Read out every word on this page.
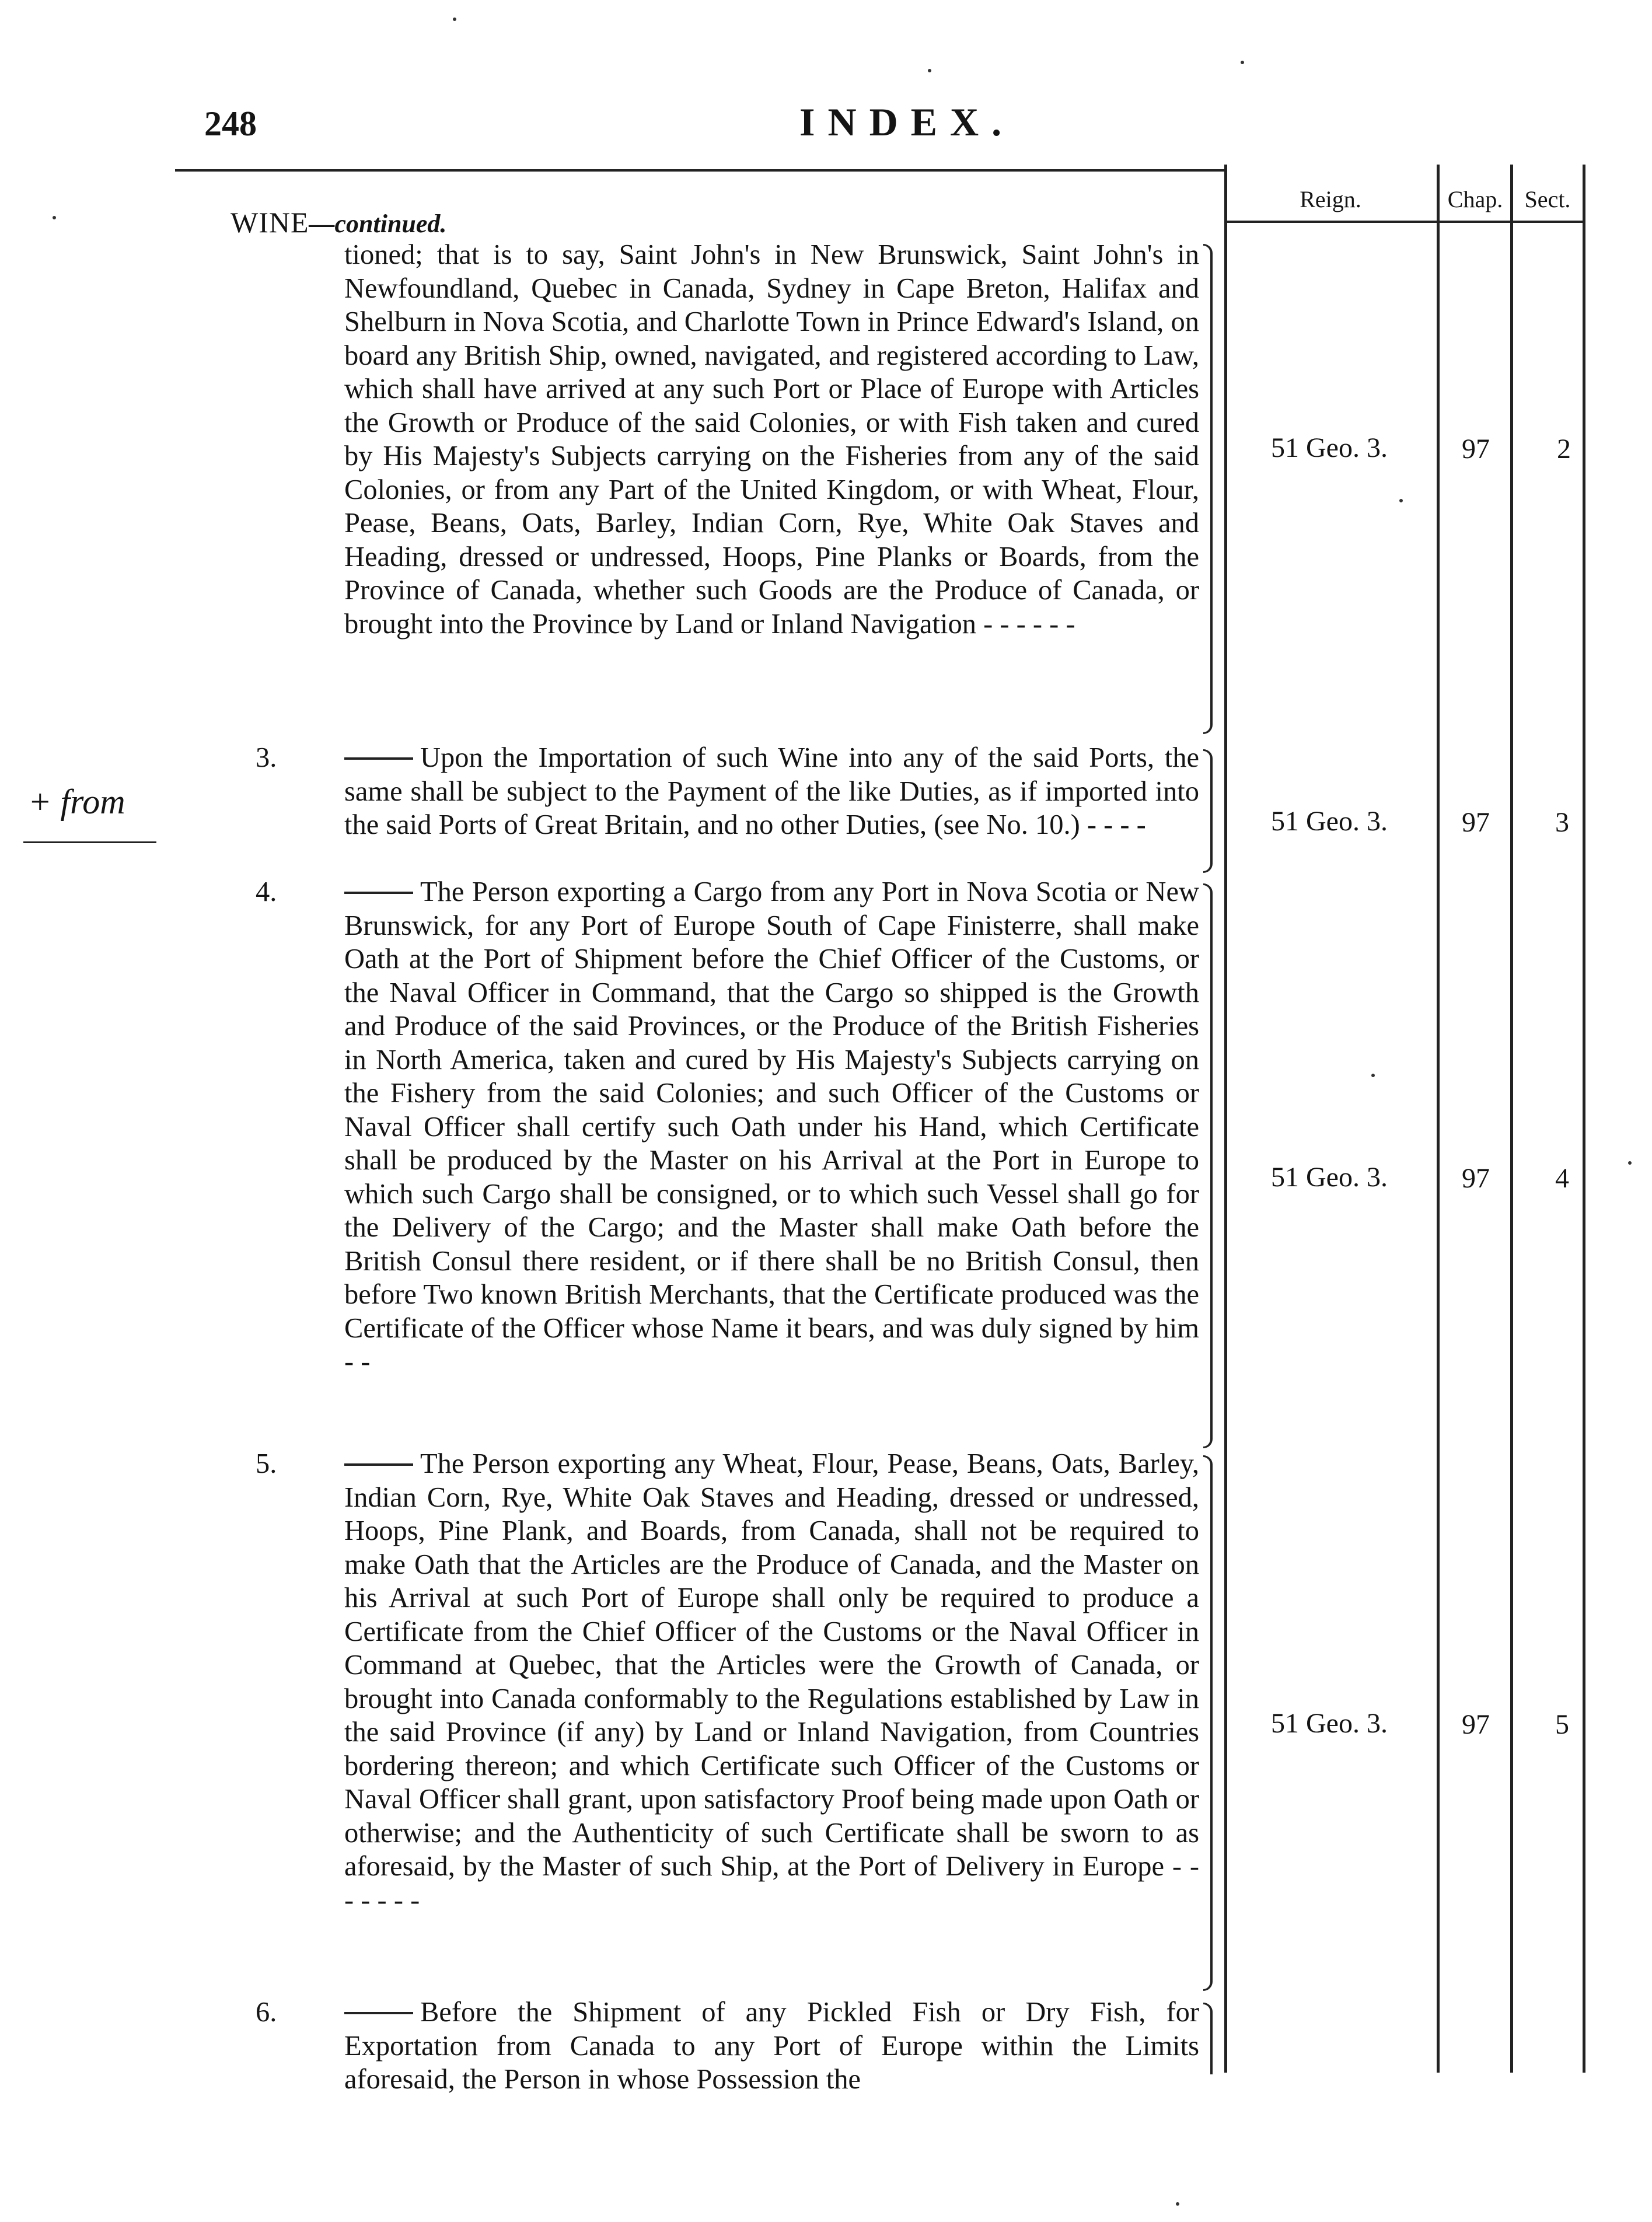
248	INDEX.
Reign.	Chap. Sect.
WINE—continued.
+ from
tioned; that is to say, Saint John's in New Brunswick, Saint John's in Newfoundland, Quebec in Canada, Sydney in Cape Breton, Halifax and Shelburn in Nova Scotia, and Charlotte Town in Prince Edward's Island, on board any British Ship, owned, navigated, and registered according to Law, which shall have arrived at any such Port or Place of Europe with Articles the Growth or Produce of the said Colonies, or with Fish taken and cured by His Majesty's Subjects carrying on the Fisheries from any of the said Colonies, or from any Part of the United Kingdom, or with Wheat, Flour, Pease, Beans, Oats, Barley, Indian Corn, Rye, White Oak Staves and Heading, dressed or undressed, Hoops, Pine Planks or Boards, from the Province of Canada, whether such Goods are the Produce of Canada, or brought into the Province by Land or Inland Navigation - - - - - -
51 Geo. 3.	97 2
3.	Upon the Importation of such Wine into any of the said Ports, the same shall be subject to the Payment of the like Duties, as if imported into the said Ports of Great Britain, and no other Duties, (see No. 10.) - - - -	51 Geo. 3.	97 3
4.	The Person exporting a Cargo from any Port in Nova Scotia or New Brunswick, for any Port of Europe South of Cape Finisterre, shall make Oath at the Port of Shipment before the Chief Officer of the Customs, or the Naval Officer in Command, that the Cargo so shipped is the Growth and Produce of the said Provinces, or the Produce of the British Fisheries in North America, taken and cured by His Majesty's Subjects carrying on the Fishery from the said Colonies; and such Officer of the Customs or Naval Officer shall certify such Oath under his Hand, which Certificate shall be produced by the Master on his Arrival at the Port in Europe to which such Cargo shall be consigned, or to which such Vessel shall go for the Delivery of the Cargo; and the Master shall make Oath before the British Consul there resident, or if there shall be no British Consul, then before Two known British Merchants, that the Certificate produced was the Certificate of the Officer whose Name it bears, and was duly signed by him - -
51 Geo. 3.	97 4
5.	The Person exporting any Wheat, Flour, Pease, Beans, Oats, Barley, Indian Corn, Rye, White Oak Staves and Heading, dressed or undressed, Hoops, Pine Plank, and Boards, from Canada, shall not be required to make Oath that the Articles are the Produce of Canada, and the Master on his Arrival at such Port of Europe shall only be required to produce a Certificate from the Chief Officer of the Customs or the Naval Officer in Command at Quebec, that the Articles were the Growth of Canada, or brought into Canada conformably to the Regulations established by Law in the said Province (if any) by Land or Inland Navigation, from Countries bordering thereon; and which Certificate such Officer of the Customs or Naval Officer shall grant, upon satisfactory Proof being made upon Oath or otherwise; and the Authenticity of such Certificate shall be sworn to as aforesaid, by the Master of such Ship, at the Port of Delivery in Europe - - - - - - -
51 Geo. 3.	97 5
6.	Before the Shipment of any Pickled Fish or Dry Fish, for Exportation from Canada to any Port of Europe within the Limits aforesaid, the Person in whose Possession the
